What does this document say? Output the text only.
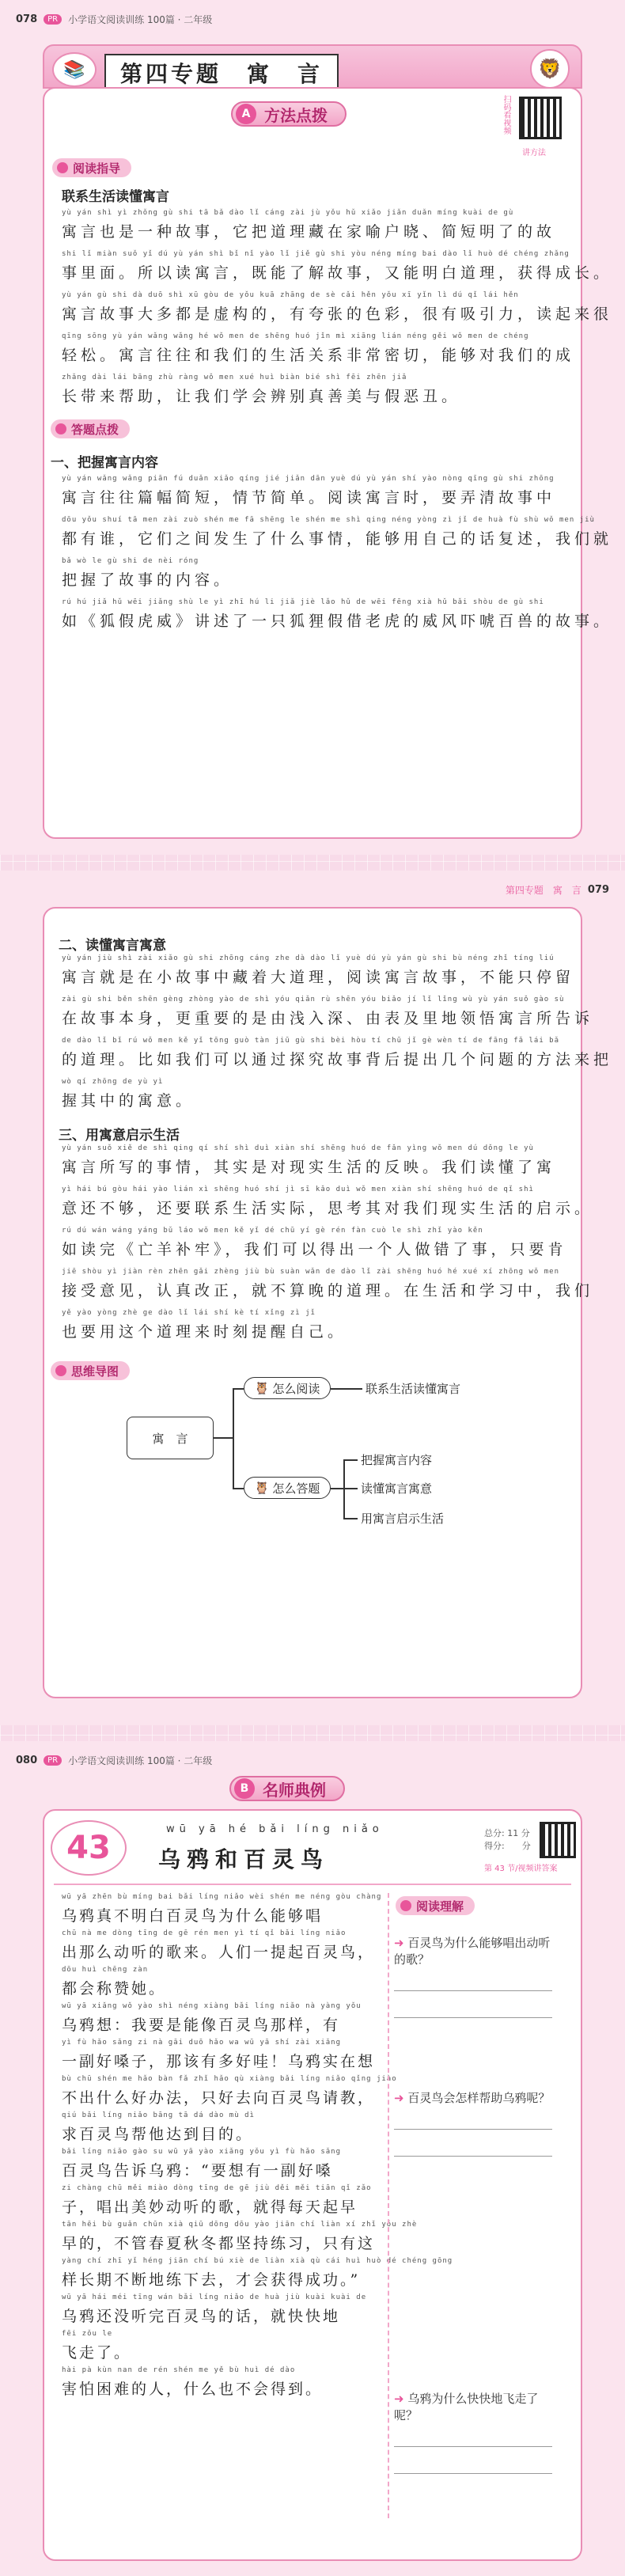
078	PR	小学语文阅读训练 100篇 · 二年级
📚	第四专题　寓　言	🦁
A 方法点拨	扫码看视频
讲方法
阅读指导
联系生活读懂寓言
yù yán shì yì zhǒng gù shi tā bǎ dào lǐ cáng zài jù yǒu hǔ xiǎo jiǎn duǎn míng kuài de gù
寓言也是一种故事，它把道理藏在家喻户晓、简短明了的故
shi lǐ miàn suǒ yǐ dú yù yán shì bǐ nǐ yào lǐ jiě gù shi yòu néng míng bai dào lǐ huò dé chéng zhǎng
事里面。所以读寓言，既能了解故事，又能明白道理，获得成长。
yù yán gù shi dà duō shì xū gòu de yǒu kuā zhāng de sè cǎi hěn yǒu xī yǐn lì dú qǐ lái hěn
寓言故事大多都是虚构的，有夸张的色彩，很有吸引力，读起来很
qīng sōng yù yán wǎng wǎng hé wǒ men de shēng huó jǐn mì xiāng lián néng gěi wǒ men de chéng
轻松。寓言往往和我们的生活关系非常密切，能够对我们的成
zhǎng dài lái bāng zhù ràng wǒ men xué huì biàn bié shì fēi zhēn jiǎ
长带来帮助，让我们学会辨别真善美与假恶丑。
答题点拨
一、把握寓言内容
yù yán wǎng wǎng piān fú duǎn xiǎo qíng jié jiǎn dān yuè dú yù yán shí yào nòng qīng gù shi zhōng
寓言往往篇幅简短，情节简单。阅读寓言时，要弄清故事中
dōu yǒu shuí tā men zài zuò shén me fā shēng le shén me shì qing néng yòng zì jǐ de huà fù shù wǒ men jiù
都有谁，它们之间发生了什么事情，能够用自己的话复述，我们就
bǎ wò le gù shi de nèi róng
把握了故事的内容。
rú hú jiǎ hǔ wēi jiǎng shù le yì zhī hú li jiǎ jiè lǎo hǔ de wēi fēng xià hǔ bǎi shòu de gù shi
如《狐假虎威》讲述了一只狐狸假借老虎的威风吓唬百兽的故事。
第四专题　寓　言 079
二、读懂寓言寓意
yù yán jiù shì zài xiǎo gù shi zhōng cáng zhe dà dào lǐ yuè dú yù yán gù shi bù néng zhǐ tíng liú
寓言就是在小故事中藏着大道理，阅读寓言故事，不能只停留
zài gù shi běn shēn gèng zhòng yào de shì yóu qiǎn rù shēn yóu biǎo jí lǐ lǐng wù yù yán suǒ gào sù
在故事本身，更重要的是由浅入深、由表及里地领悟寓言所告诉
de dào lǐ bǐ rú wǒ men kě yǐ tōng guò tàn jiū gù shi bèi hòu tí chū jǐ gè wèn tí de fāng fǎ lái bǎ
的道理。比如我们可以通过探究故事背后提出几个问题的方法来把
wò qí zhōng de yù yì
握其中的寓意。
三、用寓意启示生活
yù yán suǒ xiě de shì qing qí shí shì duì xiàn shí shēng huó de fǎn yìng wǒ men dú dǒng le yù
寓言所写的事情，其实是对现实生活的反映。我们读懂了寓
yì hái bú gòu hái yào lián xì shēng huó shí jì sī kǎo duì wǒ men xiàn shí shēng huó de qǐ shì
意还不够，还要联系生活实际，思考其对我们现实生活的启示。
rú dú wán wáng yáng bǔ láo wǒ men kě yǐ dé chū yí gè rén fàn cuò le shì zhǐ yào kěn
如读完《亡羊补牢》，我们可以得出一个人做错了事，只要肯
jiē shòu yì jiàn rèn zhēn gǎi zhèng jiù bù suàn wǎn de dào lǐ zài shēng huó hé xué xí zhōng wǒ men
接受意见，认真改正，就不算晚的道理。在生活和学习中，我们
yě yào yòng zhè ge dào lǐ lái shí kè tí xǐng zì jǐ
也要用这个道理来时刻提醒自己。
思维导图
寓　言
🦉 怎么阅读	联系生活读懂寓言
🦉 怎么答题
把握寓言内容
读懂寓言寓意
用寓言启示生活
080	PR	小学语文阅读训练 100篇 · 二年级
B 名师典例
43
wū yā hé bǎi líng niǎo
乌鸦和百灵鸟
总分: 11 分
得分:　　分
第 43 节/视频讲答案
wū yā zhēn bù míng bai bǎi líng niǎo wèi shén me néng gòu chàng
乌鸦真不明白百灵鸟为什么能够唱
chū nà me dòng tīng de gē rén men yì tí qǐ bǎi líng niǎo
出那么动听的歌来。人们一提起百灵鸟，
dōu huì chēng zàn
都会称赞她。
wū yā xiǎng wǒ yào shì néng xiàng bǎi líng niǎo nà yàng yǒu
乌鸦想：我要是能像百灵鸟那样，有
yì fù hǎo sǎng zi nà gāi duō hǎo wa wū yā shí zài xiǎng
一副好嗓子，那该有多好哇！乌鸦实在想
bù chū shén me hǎo bàn fǎ zhǐ hǎo qù xiàng bǎi líng niǎo qǐng jiào
不出什么好办法，只好去向百灵鸟请教，
qiú bǎi líng niǎo bāng tā dá dào mù dì
求百灵鸟帮他达到目的。
bǎi líng niǎo gào su wū yā yào xiǎng yǒu yì fù hǎo sǎng
百灵鸟告诉乌鸦：“要想有一副好嗓
zi chàng chū měi miào dòng tīng de gē jiù děi měi tiān qǐ zǎo
子，唱出美妙动听的歌，就得每天起早
tān hēi bù guǎn chūn xià qiū dōng dōu yào jiān chí liàn xí zhǐ yǒu zhè
早的，不管春夏秋冬都坚持练习，只有这
yàng chí zhī yǐ héng jiān chí bú xiè de liàn xià qù cái huì huò dé chéng gōng
样长期不断地练下去，才会获得成功。”
wū yā hái méi tīng wán bǎi líng niǎo de huà jiù kuài kuài de
乌鸦还没听完百灵鸟的话，就快快地
fēi zǒu le
飞走了。
hài pà kùn nan de rén shén me yě bù huì dé dào
害怕困难的人，什么也不会得到。
阅读理解
➜ 百灵鸟为什么能够唱出动听的歌？
➜ 百灵鸟会怎样帮助乌鸦呢？
➜ 乌鸦为什么快快地飞走了呢？
